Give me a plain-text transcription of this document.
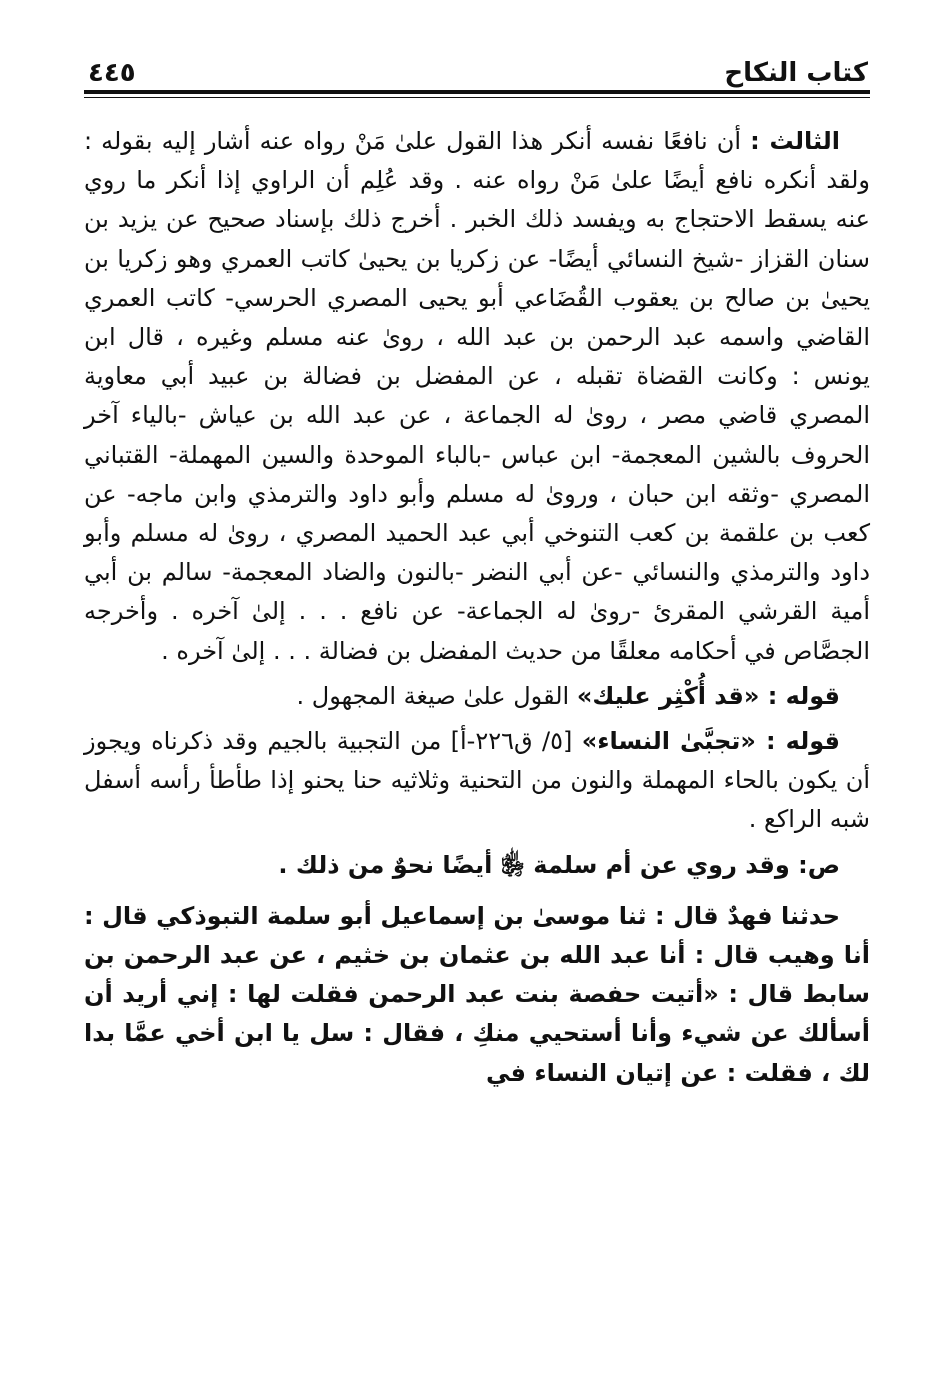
كتاب النكاح
٤٤٥

الثالث : أن نافعًا نفسه أنكر هذا القول علىٰ مَنْ رواه عنه أشار إليه بقوله : ولقد أنكره نافع أيضًا علىٰ مَنْ رواه عنه . وقد عُلِم أن الراوي إذا أنكر ما روي عنه يسقط الاحتجاج به ويفسد ذلك الخبر . أخرج ذلك بإسناد صحيح عن يزيد بن سنان القزاز -شيخ النسائي أيضًا- عن زكريا بن يحيىٰ كاتب العمري وهو زكريا بن يحيىٰ بن صالح بن يعقوب القُضَاعي أبو يحيى المصري الحرسي- كاتب العمري القاضي واسمه عبد الرحمن بن عبد الله ، روىٰ عنه مسلم وغيره ، قال ابن يونس : وكانت القضاة تقبله ، عن المفضل بن فضالة بن عبيد أبي معاوية المصري قاضي مصر ، روىٰ له الجماعة ، عن عبد الله بن عياش -بالياء آخر الحروف بالشين المعجمة- ابن عباس -بالباء الموحدة والسين المهملة- القتباني المصري -وثقه ابن حبان ، وروىٰ له مسلم وأبو داود والترمذي وابن ماجه- عن كعب بن علقمة بن كعب التنوخي أبي عبد الحميد المصري ، روىٰ له مسلم وأبو داود والترمذي والنسائي -عن أبي النضر -بالنون والضاد المعجمة- سالم بن أبي أمية القرشي المقرئ -روىٰ له الجماعة- عن نافع . . . إلىٰ آخره . وأخرجه الجصَّاص في أحكامه معلقًا من حديث المفضل بن فضالة . . . إلىٰ آخره .

قوله : «قد أُكْثِر عليك» القول علىٰ صيغة المجهول .

قوله : «تجبَّىٰ النساء» [٥/ ق٢٢٦-أ] من التجبية بالجيم وقد ذكرناه ويجوز أن يكون بالحاء المهملة والنون من التحنية وثلاثيه حنا يحنو إذا طأطأ رأسه أسفل شبه الراكع .

ص: وقد روي عن أم سلمة ﵂ أيضًا نحوٌ من ذلك .

حدثنا فهدٌ قال : ثنا موسىٰ بن إسماعيل أبو سلمة التبوذكي قال : أنا وهيب قال : أنا عبد الله بن عثمان بن خثيم ، عن عبد الرحمن بن سابط قال : «أتيت حفصة بنت عبد الرحمن فقلت لها : إني أريد أن أسألك عن شيء وأنا أستحيي منكِ ، فقال : سل يا ابن أخي عمَّا بدا لك ، فقلت : عن إتيان النساء في
